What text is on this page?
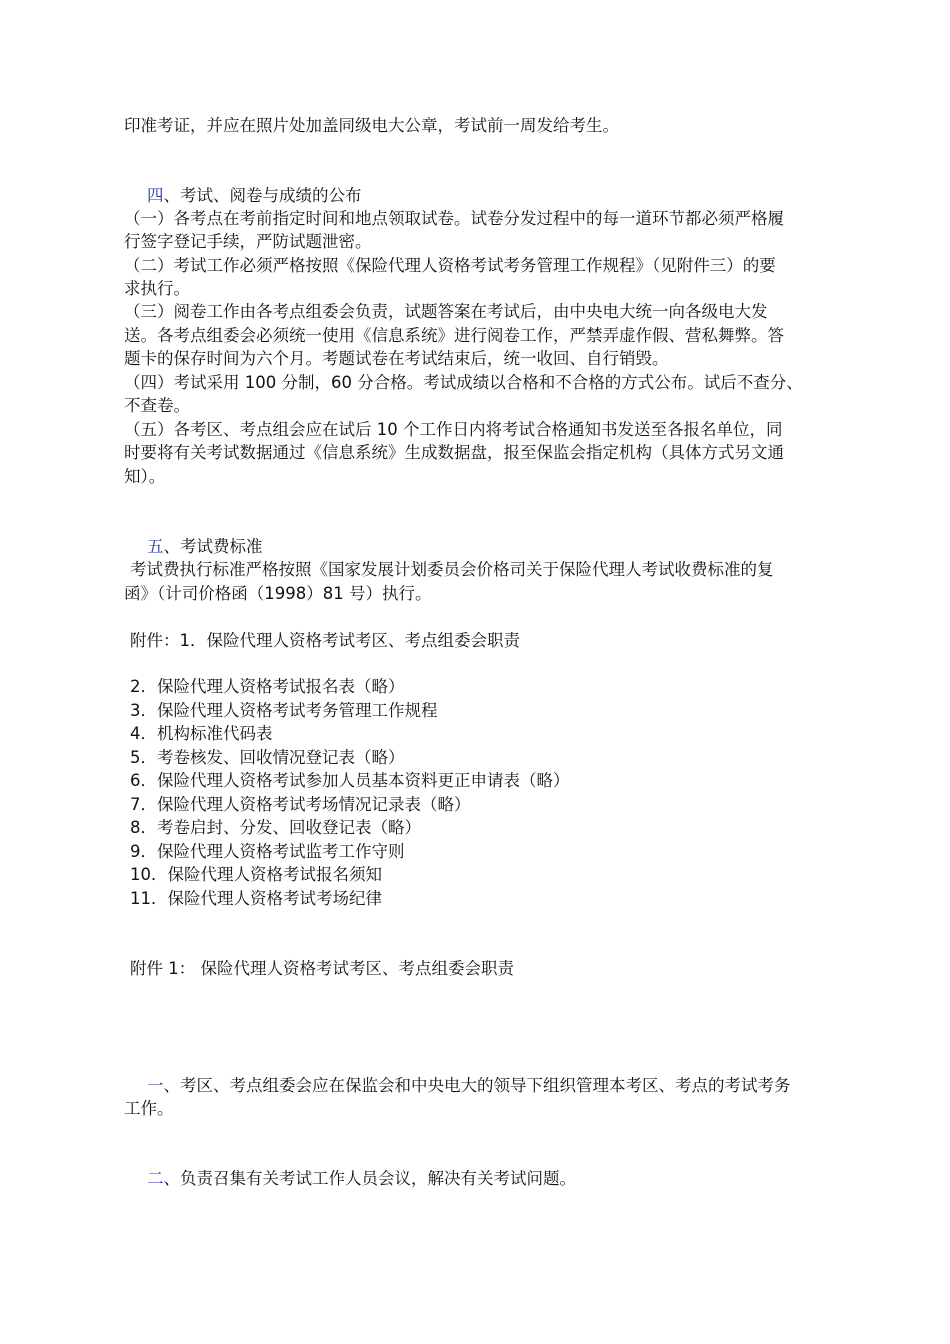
印准考证，并应在照片处加盖同级电大公章，考试前一周发给考生。

四、考试、阅卷与成绩的公布

（一）各考点在考前指定时间和地点领取试卷。试卷分发过程中的每一道环节都必须严格履

行签字登记手续，严防试题泄密。

（二）考试工作必须严格按照《保险代理人资格考试考务管理工作规程》（见附件三）的要

求执行。

（三）阅卷工作由各考点组委会负责，试题答案在考试后，由中央电大统一向各级电大发

送。各考点组委会必须统一使用《信息系统》进行阅卷工作，严禁弄虚作假、营私舞弊。答

题卡的保存时间为六个月。考题试卷在考试结束后，统一收回、自行销毁。

（四）考试采用 100 分制，60 分合格。考试成绩以合格和不合格的方式公布。试后不查分、

不查卷。

（五）各考区、考点组会应在试后 10 个工作日内将考试合格通知书发送至各报名单位，同

时要将有关考试数据通过《信息系统》生成数据盘，报至保监会指定机构（具体方式另文通

知）。

五、考试费标准

考试费执行标准严格按照《国家发展计划委员会价格司关于保险代理人考试收费标准的复

函》（计司价格函（1998）81 号）执行。

附件：1．保险代理人资格考试考区、考点组委会职责

2．保险代理人资格考试报名表（略）

3．保险代理人资格考试考务管理工作规程

4．机构标准代码表

5．考卷核发、回收情况登记表（略）

6．保险代理人资格考试参加人员基本资料更正申请表（略）

7．保险代理人资格考试考场情况记录表（略）

8．考卷启封、分发、回收登记表（略）

9．保险代理人资格考试监考工作守则

10．保险代理人资格考试报名须知

11．保险代理人资格考试考场纪律

附件 1： 保险代理人资格考试考区、考点组委会职责

一、考区、考点组委会应在保监会和中央电大的领导下组织管理本考区、考点的考试考务

工作。

二、负责召集有关考试工作人员会议，解决有关考试问题。
